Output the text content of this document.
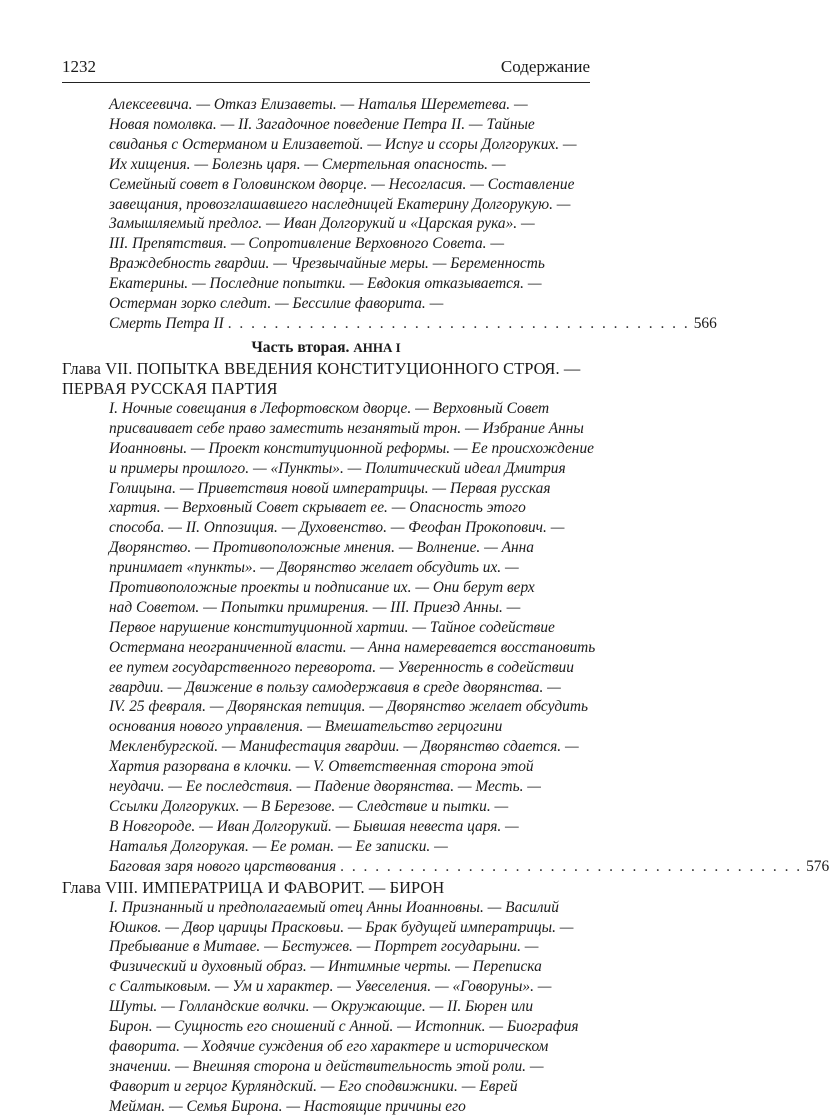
1232	Содержание
Алексеевича. — Отказ Елизаветы. — Наталья Шереметева. —
Новая помолвка. — II. Загадочное поведение Петра II. — Тайные
свиданья с Остерманом и Елизаветой. — Испуг и ссоры Долгоруких. —
Их хищения. — Болезнь царя. — Смертельная опасность. —
Семейный совет в Головинском дворце. — Несогласия. — Составление
завещания, провозглашавшего наследницей Екатерину Долгорукую. —
Замышляемый предлог. — Иван Долгорукий и «Царская рука». —
III. Препятствия. — Сопротивление Верховного Совета. —
Враждебность гвардии. — Чрезвычайные меры. — Беременность
Екатерины. — Последние попытки. — Евдокия отказывается. —
Остерман зорко следит. — Бессилие фаворита. —
Смерть Петра II . . . . . . . . . . . . . . . . . . . . . . . . . . . . . . . . . . . . . . . . 566
Часть вторая. АННА I
Глава VII. ПОПЫТКА ВВЕДЕНИЯ КОНСТИТУЦИОННОГО СТРОЯ. —
ПЕРВАЯ РУССКАЯ ПАРТИЯ
I. Ночные совещания в Лефортовском дворце. — Верховный Совет
присваивает себе право заместить незанятый трон. — Избрание Анны
Иоанновны. — Проект конституционной реформы. — Ее происхождение
и примеры прошлого. — «Пункты». — Политический идеал Дмитрия
Голицына. — Приветствия новой императрицы. — Первая русская
хартия. — Верховный Совет скрывает ее. — Опасность этого
способа. — II. Оппозиция. — Духовенство. — Феофан Прокопович. —
Дворянство. — Противоположные мнения. — Волнение. — Анна
принимает «пункты». — Дворянство желает обсудить их. —
Противоположные проекты и подписание их. — Они берут верх
над Советом. — Попытки примирения. — III. Приезд Анны. —
Первое нарушение конституционной хартии. — Тайное содействие
Остермана неограниченной власти. — Анна намеревается восстановить
ее путем государственного переворота. — Уверенность в содействии
гвардии. — Движение в пользу самодержавия в среде дворянства. —
IV. 25 февраля. — Дворянская петиция. — Дворянство желает обсудить
основания нового управления. — Вмешательство герцогини
Мекленбургской. — Манифестация гвардии. — Дворянство сдается. —
Хартия разорвана в клочки. — V. Ответственная сторона этой
неудачи. — Ее последствия. — Падение дворянства. — Месть. —
Ссылки Долгоруких. — В Березове. — Следствие и пытки. —
В Новгороде. — Иван Долгорукий. — Бывшая невеста царя. —
Наталья Долгорукая. — Ее роман. — Ее записки. —
Баговая заря нового царствования . . . . . . . . . . . . . . . . . . . . . . . . . . . . . . . . . . . . . . . . 576
Глава VIII. ИМПЕРАТРИЦА И ФАВОРИТ. — БИРОН
I. Признанный и предполагаемый отец Анны Иоанновны. — Василий
Юшков. — Двор царицы Прасковьи. — Брак будущей императрицы. —
Пребывание в Митаве. — Бестужев. — Портрет государыни. —
Физический и духовный образ. — Интимные черты. — Переписка
с Салтыковым. — Ум и характер. — Увеселения. — «Говоруны». —
Шуты. — Голландские волчки. — Окружающие. — II. Бюрен или
Бирон. — Сущность его сношений с Анной. — Истопник. — Биография
фаворита. — Ходячие суждения об его характере и историческом
значении. — Внешняя сторона и действительность этой роли. —
Фаворит и герцог Курляндский. — Его сподвижники. — Еврей
Мейман. — Семья Бирона. — Настоящие причины его
